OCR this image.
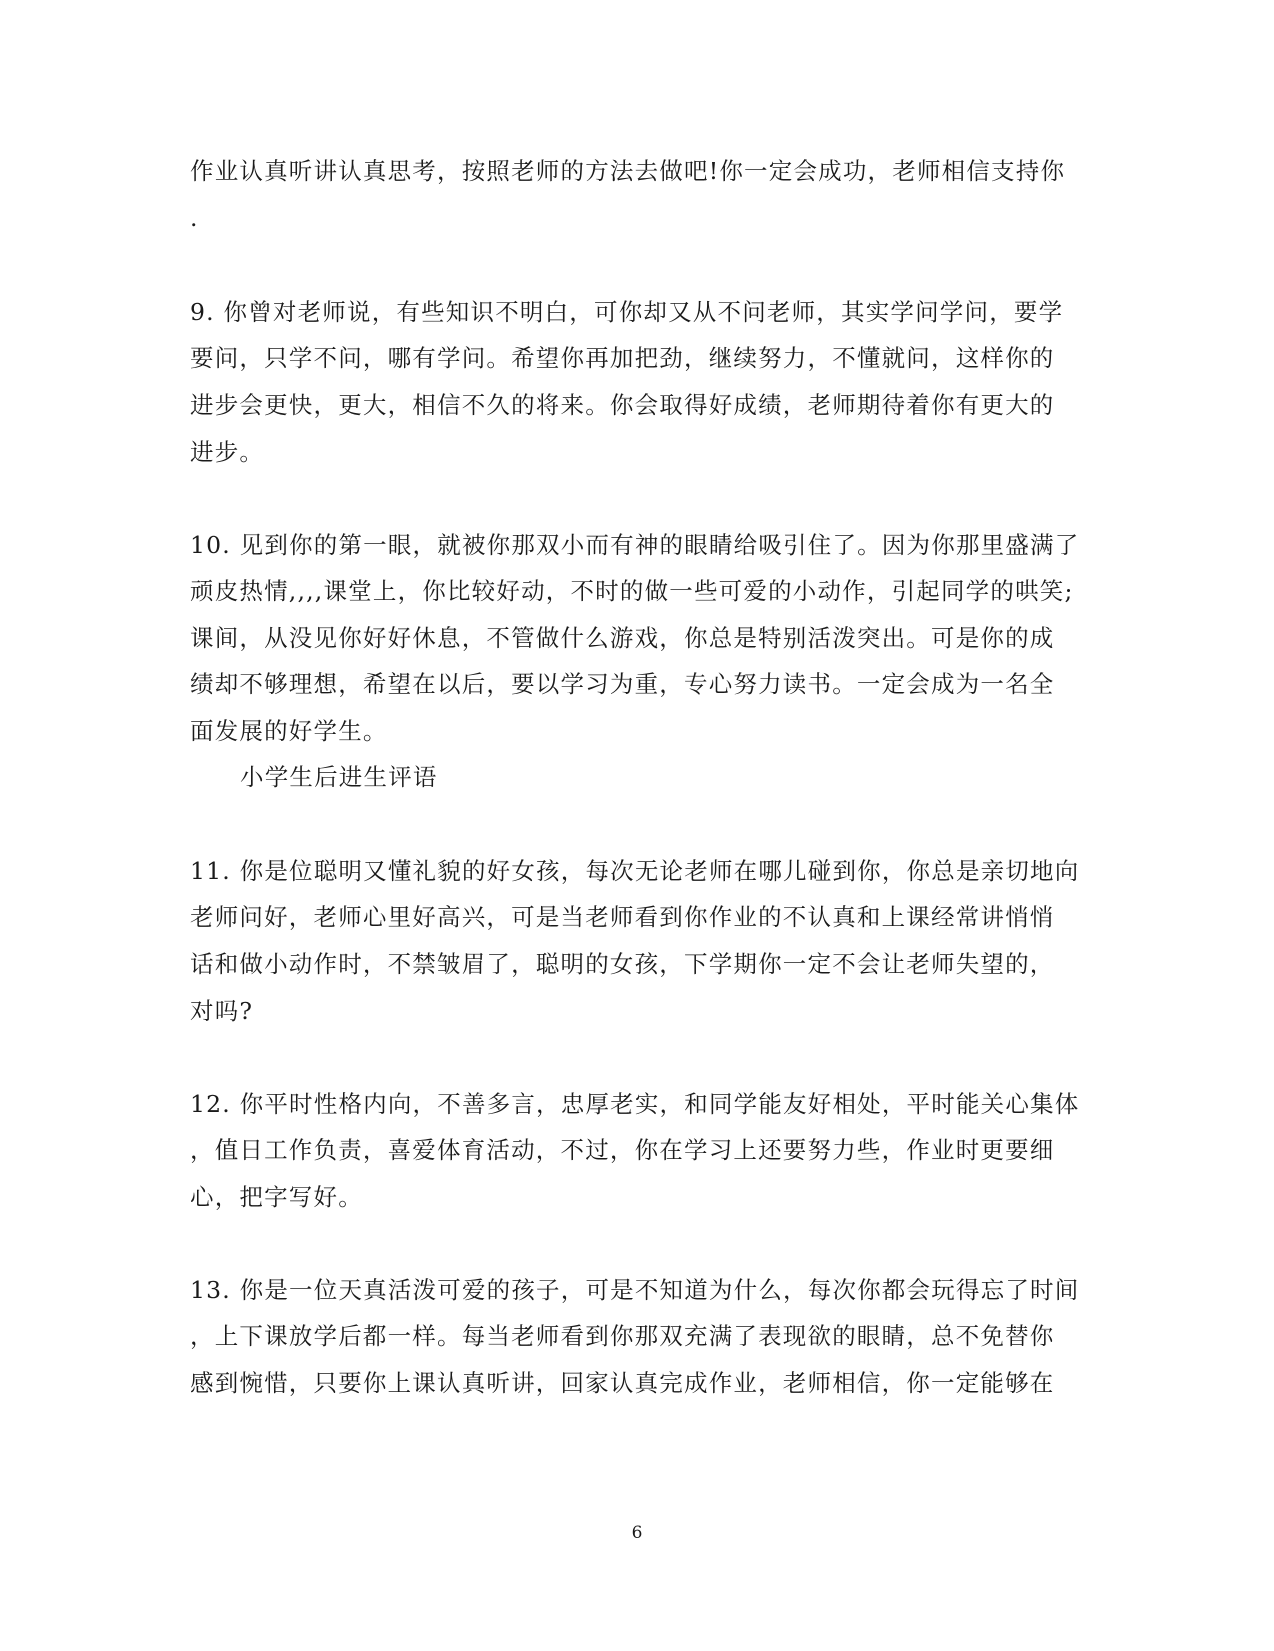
作业认真听讲认真思考，按照老师的方法去做吧!你一定会成功，老师相信支持你
.
9. 你曾对老师说，有些知识不明白，可你却又从不问老师，其实学问学问，要学
要问，只学不问，哪有学问。希望你再加把劲，继续努力，不懂就问，这样你的
进步会更快，更大，相信不久的将来。你会取得好成绩，老师期待着你有更大的
进步。
10. 见到你的第一眼，就被你那双小而有神的眼睛给吸引住了。因为你那里盛满了
顽皮热情,,,,课堂上，你比较好动，不时的做一些可爱的小动作，引起同学的哄笑;
课间，从没见你好好休息，不管做什么游戏，你总是特别活泼突出。可是你的成
绩却不够理想，希望在以后，要以学习为重，专心努力读书。一定会成为一名全
面发展的好学生。
小学生后进生评语
11. 你是位聪明又懂礼貌的好女孩，每次无论老师在哪儿碰到你，你总是亲切地向
老师问好，老师心里好高兴，可是当老师看到你作业的不认真和上课经常讲悄悄
话和做小动作时，不禁皱眉了，聪明的女孩，下学期你一定不会让老师失望的，
对吗?
12. 你平时性格内向，不善多言，忠厚老实，和同学能友好相处，平时能关心集体
，值日工作负责，喜爱体育活动，不过，你在学习上还要努力些，作业时更要细
心，把字写好。
13. 你是一位天真活泼可爱的孩子，可是不知道为什么，每次你都会玩得忘了时间
，上下课放学后都一样。每当老师看到你那双充满了表现欲的眼睛，总不免替你
感到惋惜，只要你上课认真听讲，回家认真完成作业，老师相信，你一定能够在
6
